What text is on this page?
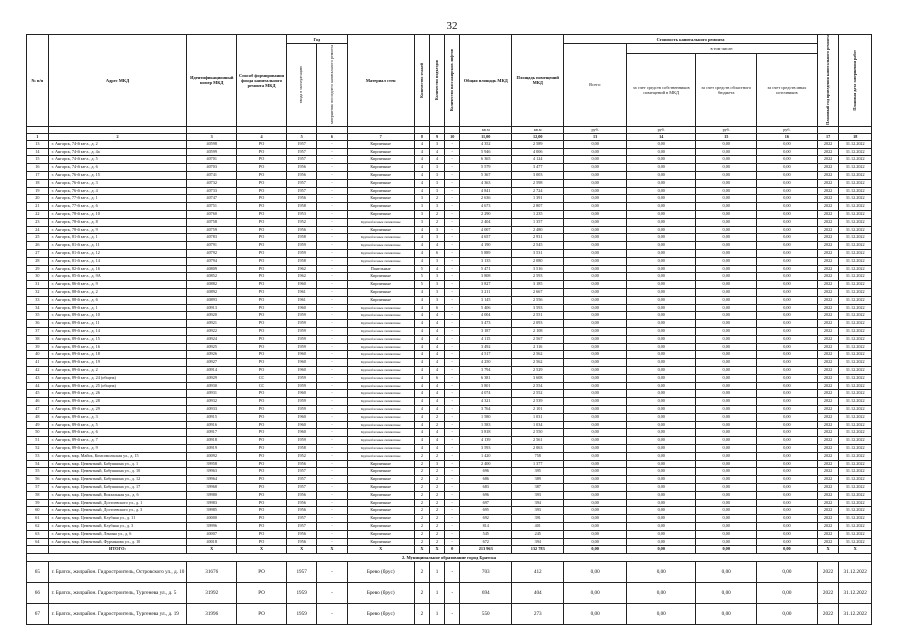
32
№ п/п	Адрес МКД	Идентификационный номер МКД	Способ формирования фонда капитального ремонта МКД	Год		Материал стен	Количество этажей	Количество подъездов	Количество пассажирских лифтов	Общая площадь МКД	Площадь помещений МКД	Стоимость капитального ремонта				Плановый год проведения капитального ремонта	Плановая дата завершения работ
				ввода в эксплуатацию	завершения последнего капитального ремонта							Всего:	в том числе:				
													за счет средств собственников помещений в МКД	за счет средств областного бюджета	за счет средств иных источников		
										кв.м	кв.м	руб.	руб.	руб.	руб.		
1	2	3	4	5	6	7	8	9	10	11,00	12,00	13	14	15	16	17	18
13	г. Ангарск, 74-й кв-л., д. 2	40598	РО	1957	-	Кирпичные	4	3	-	4 352	2 589	0,00	0,00	0,00	0,00	2022	31.12.2022
14	г. Ангарск, 74-й кв-л., д. 4а	40599	РО	1957	-	Кирпичные	4	4	-	5 946	4 006	0,00	0,00	0,00	0,00	2022	31.12.2022
15	г. Ангарск, 74-й кв-л., д. 5	40701	РО	1957	-	Кирпичные	4	4	-	6 365	4 124	0,00	0,00	0,00	0,00	2022	31.12.2022
16	г. Ангарск, 74-й кв-л., д. 6	40703	РО	1956	-	Кирпичные	4	3	-	5 579	3 477	0,00	0,00	0,00	0,00	2022	31.12.2022
17	г. Ангарск, 76-й кв-л., д. 15	40741	РО	1956	-	Кирпичные	4	3	-	5 367	3 003	0,00	0,00	0,00	0,00	2022	31.12.2022
18	г. Ангарск, 76-й кв-л., д. 3	40732	РО	1957	-	Кирпичные	4	3	-	4 363	2 598	0,00	0,00	0,00	0,00	2022	31.12.2022
19	г. Ангарск, 76-й кв-л., д. 4	40733	РО	1957	-	Кирпичные	4	3	-	4 841	2 724	0,00	0,00	0,00	0,00	2022	31.12.2022
20	г. Ангарск, 77-й кв-л., д. 1	40747	РО	1956	-	Кирпичные	3	2	-	2 636	1 391	0,00	0,00	0,00	0,00	2022	31.12.2022
21	г. Ангарск, 77-й кв-л., д. 6	40751	РО	1958	-	Кирпичные	3	3	-	4 673	2 807	0,00	0,00	0,00	0,00	2022	31.12.2022
22	г. Ангарск, 78-й кв-л., д. 10	40760	РО	1953	-	Кирпичные	3	2	-	2 290	1 235	0,00	0,00	0,00	0,00	2022	31.12.2022
23	г. Ангарск, 78-й кв-л., д. 8	40758	РО	1952	-	Крупноблочные силикатные	3	2	-	2 404	1 357	0,00	0,00	0,00	0,00	2022	31.12.2022
24	г. Ангарск, 78-й кв-л., д. 9	40759	РО	1956	-	Кирпичные	4	3	-	4 007	2 480	0,00	0,00	0,00	0,00	2022	31.12.2022
25	г. Ангарск, 81-й кв-л., д. 1	40783	РО	1958	-	Крупноблочные силикатные	4	3	-	4 657	2 931	0,00	0,00	0,00	0,00	2022	31.12.2022
26	г. Ангарск, 81-й кв-л., д. 11	40791	РО	1959	-	Крупноблочные силикатные	4	4	-	4 190	2 545	0,00	0,00	0,00	0,00	2022	31.12.2022
27	г. Ангарск, 81-й кв-л., д. 12	40792	РО	1959	-	Крупноблочные силикатные	4	6	-	5 889	3 531	0,00	0,00	0,00	0,00	2022	31.12.2022
28	г. Ангарск, 81-й кв-л., д. 14	40794	РО	1958	-	Крупноблочные силикатные	4	3	-	3 135	2 080	0,00	0,00	0,00	0,00	2022	31.12.2022
29	г. Ангарск, 82-й кв-л., д. 16	40809	РО	1962	-	Панельные	5	4	-	5 471	3 516	0,00	0,00	0,00	0,00	2022	31.12.2022
30	г. Ангарск, 85-й кв-л., д. 9А	40852	РО	1962	-	Кирпичные	5	3	-	3 808	2 593	0,00	0,00	0,00	0,00	2022	31.12.2022
31	г. Ангарск, 86-й кв-л., д. 9	40882	РО	1960	-	Кирпичные	5	3	-	3 827	3 185	0,00	0,00	0,00	0,00	2022	31.12.2022
32	г. Ангарск, 88-й кв-л., д. 2	40892	РО	1961	-	Кирпичные	4	3	-	3 211	2 667	0,00	0,00	0,00	0,00	2022	31.12.2022
33	г. Ангарск, 88-й кв-л., д. 6	40893	РО	1961	-	Кирпичные	4	3	-	3 145	2 556	0,00	0,00	0,00	0,00	2022	31.12.2022
34	г. Ангарск, 89-й кв-л., д. 1	40913	РО	1960	-	Крупноблочные силикатные	4	6	-	5 406	3 593	0,00	0,00	0,00	0,00	2022	31.12.2022
35	г. Ангарск, 89-й кв-л., д. 10	40920	РО	1959	-	Крупноблочные силикатные	4	4	-	4 004	2 551	0,00	0,00	0,00	0,00	2022	31.12.2022
36	г. Ангарск, 89-й кв-л., д. 11	40921	РО	1959	-	Крупноблочные силикатные	4	4	-	3 473	2 093	0,00	0,00	0,00	0,00	2022	31.12.2022
37	г. Ангарск, 89-й кв-л., д. 14	40922	РО	1959	-	Крупноблочные силикатные	4	4	-	3 187	2 108	0,00	0,00	0,00	0,00	2022	31.12.2022
38	г. Ангарск, 89-й кв-л., д. 15	40924	РО	1959	-	Крупноблочные силикатные	4	4	-	4 115	2 567	0,00	0,00	0,00	0,00	2022	31.12.2022
39	г. Ангарск, 89-й кв-л., д. 16	40925	РО	1959	-	Крупноблочные силикатные	4	4	-	3 492	2 116	0,00	0,00	0,00	0,00	2022	31.12.2022
40	г. Ангарск, 89-й кв-л., д. 18	40926	РО	1960	-	Крупноблочные силикатные	4	4	-	4 517	2 562	0,00	0,00	0,00	0,00	2022	31.12.2022
41	г. Ангарск, 89-й кв-л., д. 19	40927	РО	1960	-	Крупноблочные силикатные	4	4	-	4 250	2 562	0,00	0,00	0,00	0,00	2022	31.12.2022
42	г. Ангарск, 89-й кв-л., д. 2	40914	РО	1960	-	Крупноблочные силикатные	4	4	-	3 794	2 529	0,00	0,00	0,00	0,00	2022	31.12.2022
43	г. Ангарск, 89-й кв-л., д. 24 (общеж)	40929	СС	1959	-	Крупноблочные силикатные	4	6	-	6 381	3 608	0,00	0,00	0,00	0,00	2022	31.12.2022
44	г. Ангарск, 89-й кв-л., д. 25 (общеж)	40930	СС	1959	-	Крупноблочные силикатные	4	4	-	3 801	2 554	0,00	0,00	0,00	0,00	2022	31.12.2022
45	г. Ангарск, 89-й кв-л., д. 26	40931	РО	1960	-	Крупноблочные силикатные	4	4	-	4 074	2 552	0,00	0,00	0,00	0,00	2022	31.12.2022
46	г. Ангарск, 89-й кв-л., д. 28	40932	РО	1959	-	Крупноблочные силикатные	4	4	-	4 321	2 539	0,00	0,00	0,00	0,00	2022	31.12.2022
47	г. Ангарск, 89-й кв-л., д. 29	40933	РО	1959	-	Крупноблочные силикатные	4	4	-	3 764	2 101	0,00	0,00	0,00	0,00	2022	31.12.2022
48	г. Ангарск, 89-й кв-л., д. 3	40915	РО	1960	-	Крупноблочные силикатные	4	2	-	1 580	1 031	0,00	0,00	0,00	0,00	2022	31.12.2022
49	г. Ангарск, 89-й кв-л., д. 5	40916	РО	1960	-	Крупноблочные силикатные	4	2	-	1 583	1 034	0,00	0,00	0,00	0,00	2022	31.12.2022
50	г. Ангарск, 89-й кв-л., д. 6	40917	РО	1960	-	Крупноблочные силикатные	4	4	-	3 818	2 550	0,00	0,00	0,00	0,00	2022	31.12.2022
51	г. Ангарск, 89-й кв-л., д. 7	40918	РО	1959	-	Крупноблочные силикатные	4	4	-	4 139	2 561	0,00	0,00	0,00	0,00	2022	31.12.2022
52	г. Ангарск, 89-й кв-л., д. 9	40919	РО	1958	-	Крупноблочные силикатные	4	4	-	3 593	2 063	0,00	0,00	0,00	0,00	2022	31.12.2022
53	г. Ангарск, мкр. Майск, Комсомольская ул., д. 15	40092	РО	1952	-	Крупноблочные силикатные	2	2	-	1 420	758	0,00	0,00	0,00	0,00	2022	31.12.2022
54	г. Ангарск, мкр. Цементный, Бабушкина ул., д. 1	39958	РО	1956	-	Кирпичные	2	3	-	2 400	1 377	0,00	0,00	0,00	0,00	2022	31.12.2022
55	г. Ангарск, мкр. Цементный, Бабушкина ул., д. 10	39963	РО	1957	-	Кирпичные	2	2	-	696	395	0,00	0,00	0,00	0,00	2022	31.12.2022
56	г. Ангарск, мкр. Цементный, Бабушкина ул., д. 12	39964	РО	1957	-	Кирпичные	2	2	-	686	389	0,00	0,00	0,00	0,00	2022	31.12.2022
57	г. Ангарск, мкр. Цементный, Бабушкина ул., д. 17	39968	РО	1957	-	Кирпичные	2	2	-	683	387	0,00	0,00	0,00	0,00	2022	31.12.2022
58	г. Ангарск, мкр. Цементный, Вокзальная ул., д. 6	39980	РО	1956	-	Кирпичные	2	2	-	696	393	0,00	0,00	0,00	0,00	2022	31.12.2022
59	г. Ангарск, мкр. Цементный, Достоевского ул., д. 1	39983	РО	1956	-	Кирпичные	2	2	-	697	394	0,00	0,00	0,00	0,00	2022	31.12.2022
60	г. Ангарск, мкр. Цементный, Достоевского ул., д. 3	39985	РО	1956	-	Кирпичные	2	2	-	695	393	0,00	0,00	0,00	0,00	2022	31.12.2022
61	г. Ангарск, мкр. Цементный, Клубная ул., д. 11	40000	РО	1957	-	Кирпичные	2	2	-	692	391	0,00	0,00	0,00	0,00	2022	31.12.2022
62	г. Ангарск, мкр. Цементный, Клубная ул., д. 3	39996	РО	1957	-	Кирпичные	2	2	-	814	401	0,00	0,00	0,00	0,00	2022	31.12.2022
63	г. Ангарск, мкр. Цементный, Ленина ул., д. 6	40007	РО	1956	-	Кирпичные	2	2	-	545	245	0,00	0,00	0,00	0,00	2022	31.12.2022
64	г. Ангарск, мкр. Цементный, Фурманова ул., д. 10	40018	РО	1956	-	Кирпичные	2	2	-	672	394	0,00	0,00	0,00	0,00	2022	31.12.2022
	ИТОГО:	X	X	X	X	X	X	X	0	213 963	132 783	0,00	0,00	0,00	0,00	X	X
2. Муниципальное образование город Братска																	
65	г. Братск, жилрайон. Гидростроитель, Островского ул., д. 10	31676	РО	1957	-	Брево (брус)	2	1	-	703	412	0,00	0,00	0,00	0,00	2022	31.12.2022
66	г. Братск, жилрайон. Гидростроитель, Тургенева ул., д. 5	31992	РО	1959	-	Брево (брус)	2	1	-	694	404	0,00	0,00	0,00	0,00	2022	31.12.2022
67	г. Братск, жилрайон. Гидростроитель, Тургенева ул., д. 19	31996	РО	1959	-	Брево (брус)	2	1	-	550	273	0,00	0,00	0,00	0,00	2022	31.12.2022
